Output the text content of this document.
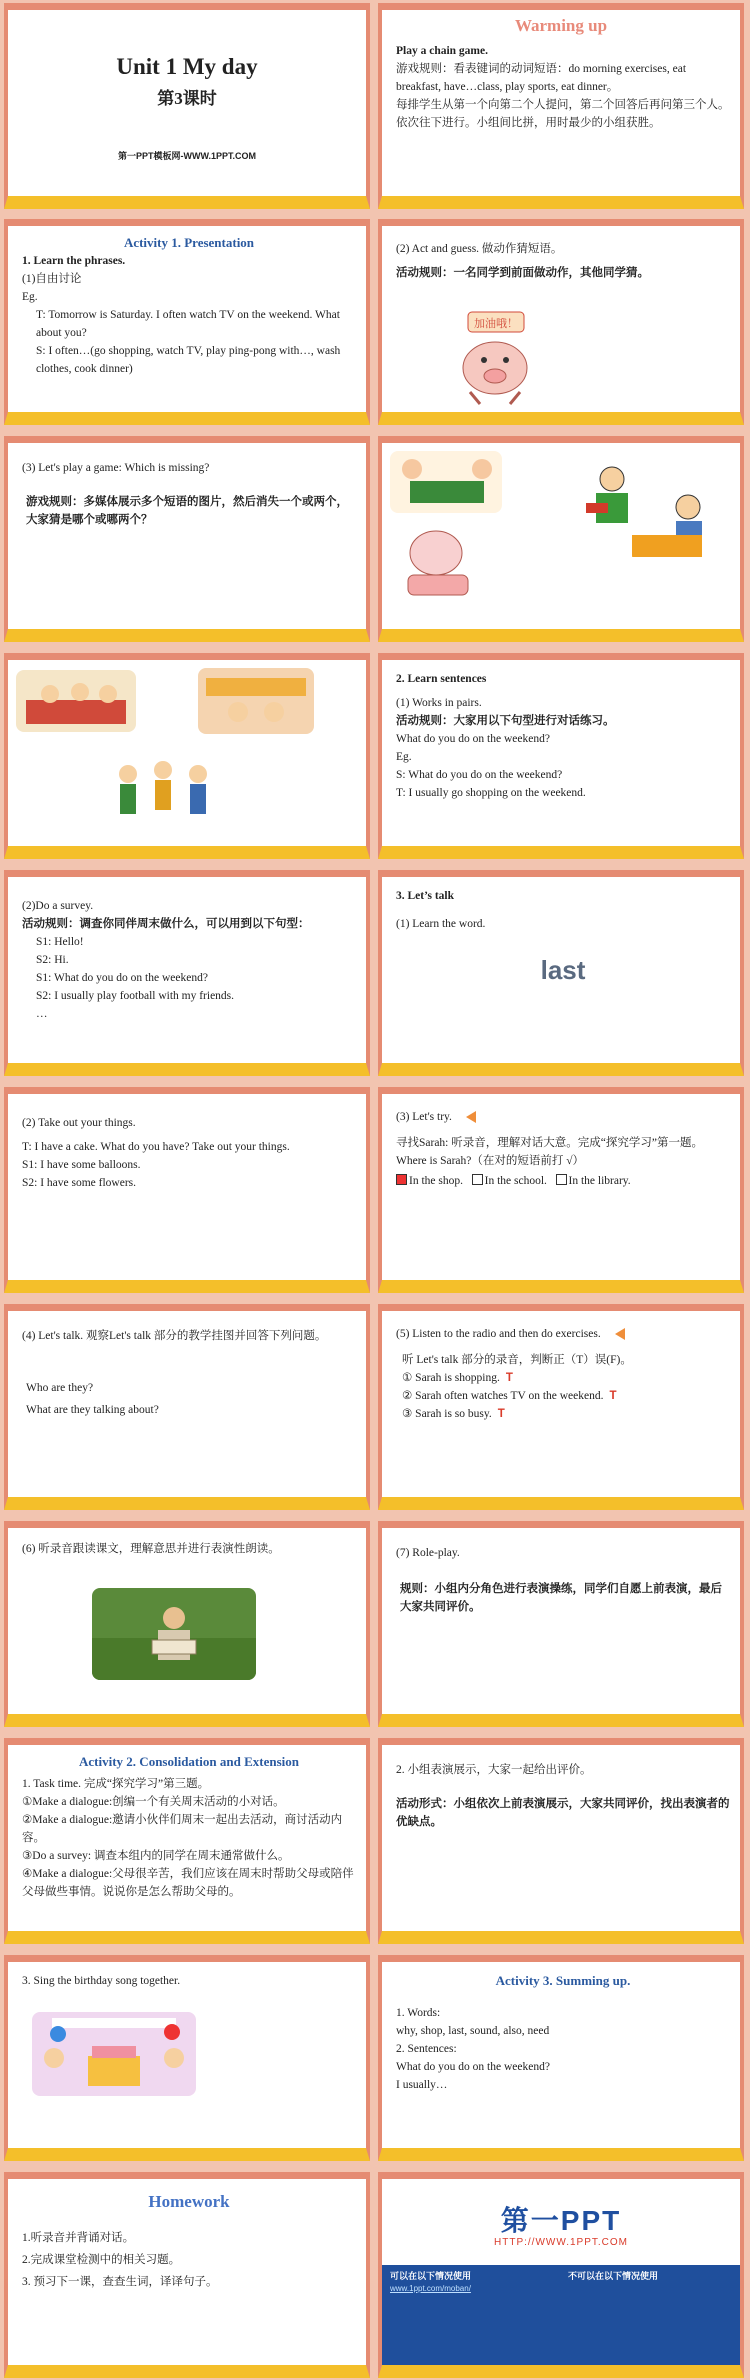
Unit 1 My day
第3课时
第一PPT模板网-WWW.1PPT.COM
Warming up
Play a chain game.
游戏规则：看表键词的动词短语：do morning exercises, eat breakfast, have…class, play sports, eat dinner。
每排学生从第一个向第二个人提问，第二个回答后再问第三个人。依次往下进行。小组间比拼，用时最少的小组获胜。
Activity 1. Presentation
1. Learn the phrases.
(1)自由讨论
Eg.
T: Tomorrow is Saturday. I often watch TV on the weekend. What about you?
S: I often…(go shopping, watch TV, play ping-pong with…, wash clothes, cook dinner)
(2) Act and guess. 做动作猜短语。
活动规则：一名同学到前面做动作，其他同学猜。
加油哦！
(3) Let's play a game: Which is missing?
游戏规则：多媒体展示多个短语的图片，然后消失一个或两个，大家猜是哪个或哪两个？
2. Learn sentences
(1) Works in pairs.
活动规则：大家用以下句型进行对话练习。
What do you do on the weekend?
Eg.
S: What do you do on the weekend?
T: I usually go shopping on the weekend.
(2)Do a survey.
活动规则：调查你同伴周末做什么，可以用到以下句型：
S1: Hello!
S2: Hi.
S1: What do you do on the weekend?
S2: I usually play football with my friends.
…
3. Let’s talk
(1) Learn the word.
last
(2) Take out your things.
T: I have a cake. What do you have? Take out your things.
S1: I have some balloons.
S2: I have some flowers.
(3) Let's try.
寻找Sarah: 听录音，理解对话大意。完成“探究学习”第一题。
Where is Sarah?（在对的短语前打 √）
In the shop. In the school. In the library.
(4) Let's talk. 观察Let's talk 部分的教学挂图并回答下列问题。
Who are they?
What are they talking about?
(5) Listen to the radio and then do exercises.
听 Let's talk 部分的录音，判断正（T）误(F)。
① Sarah is shopping. T
② Sarah often watches TV on the weekend. T
③ Sarah is so busy. T
(6) 听录音跟读课文，理解意思并进行表演性朗读。	(7) Role-play.
规则：小组内分角色进行表演操练，同学们自愿上前表演，最后大家共同评价。
Activity 2. Consolidation and Extension
1. Task time. 完成“探究学习”第三题。
①Make a dialogue:创编一个有关周末活动的小对话。
②Make a dialogue:邀请小伙伴们周末一起出去活动，商讨活动内容。
③Do a survey: 调查本组内的同学在周末通常做什么。
④Make a dialogue:父母很辛苦，我们应该在周末时帮助父母或陪伴父母做些事情。说说你是怎么帮助父母的。
2. 小组表演展示，大家一起给出评价。
活动形式：小组依次上前表演展示，大家共同评价，找出表演者的优缺点。
3. Sing the birthday song together.	Activity 3. Summing up.
1. Words:
why, shop, last, sound, also, need
2. Sentences:
What do you do on the weekend?
I usually…
Homework
1.听录音并背诵对话。
2.完成课堂检测中的相关习题。
3. 预习下一课，查查生词，译译句子。
第一PPT
HTTP://WWW.1PPT.COM
可以在以下情况使用
www.1ppt.com/moban/
不可以在以下情况使用
